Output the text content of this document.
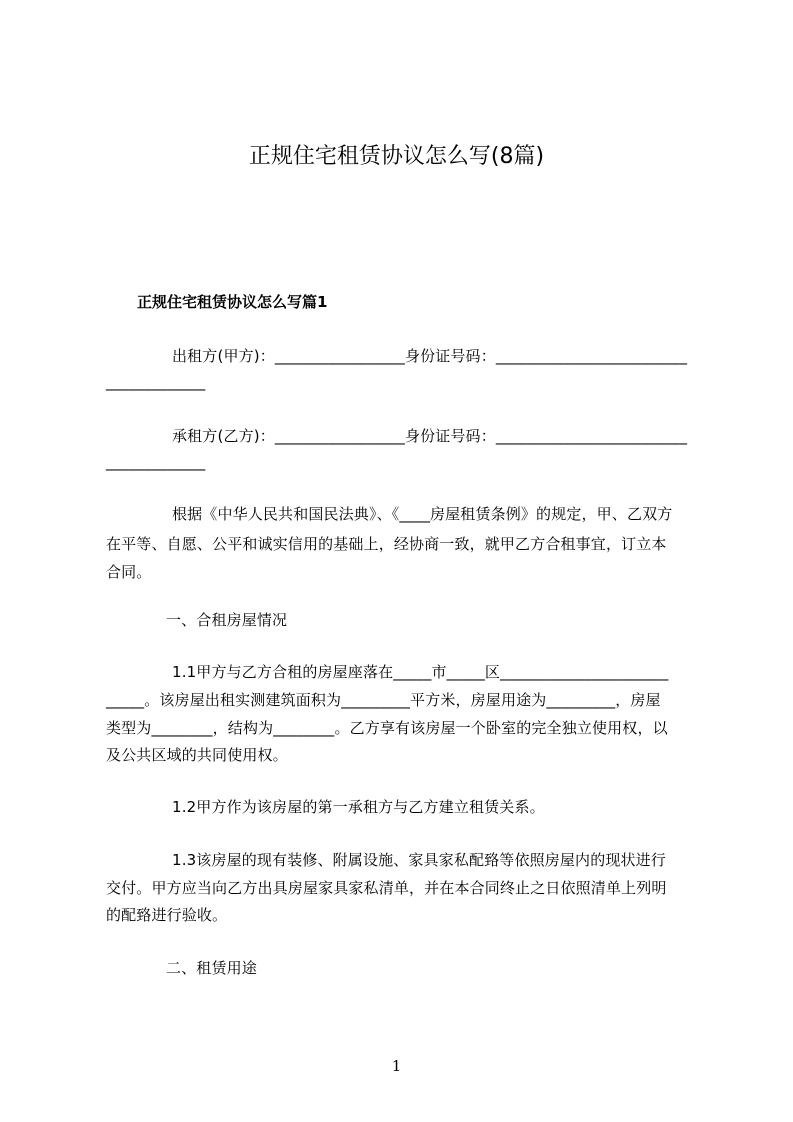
正规住宅租赁协议怎么写(8篇)
正规住宅租赁协议怎么写篇1
出租方(甲方)：_________________身份证号码：_________________________
_____________
承租方(乙方)：_________________身份证号码：_________________________
_____________
根据《中华人民共和国民法典》、《____房屋租赁条例》的规定，甲、乙双方
在平等、自愿、公平和诚实信用的基础上，经协商一致，就甲乙方合租事宜，订立本
合同。
一、合租房屋情况
1.1甲方与乙方合租的房屋座落在_____市_____区______________________
_____。该房屋出租实测建筑面积为_________平方米，房屋用途为_________，房屋
类型为________，结构为________。乙方享有该房屋一个卧室的完全独立使用权，以
及公共区域的共同使用权。
1.2甲方作为该房屋的第一承租方与乙方建立租赁关系。
1.3该房屋的现有装修、附属设施、家具家私配臵等依照房屋内的现状进行
交付。甲方应当向乙方出具房屋家具家私清单，并在本合同终止之日依照清单上列明
的配臵进行验收。
二、租赁用途
1
